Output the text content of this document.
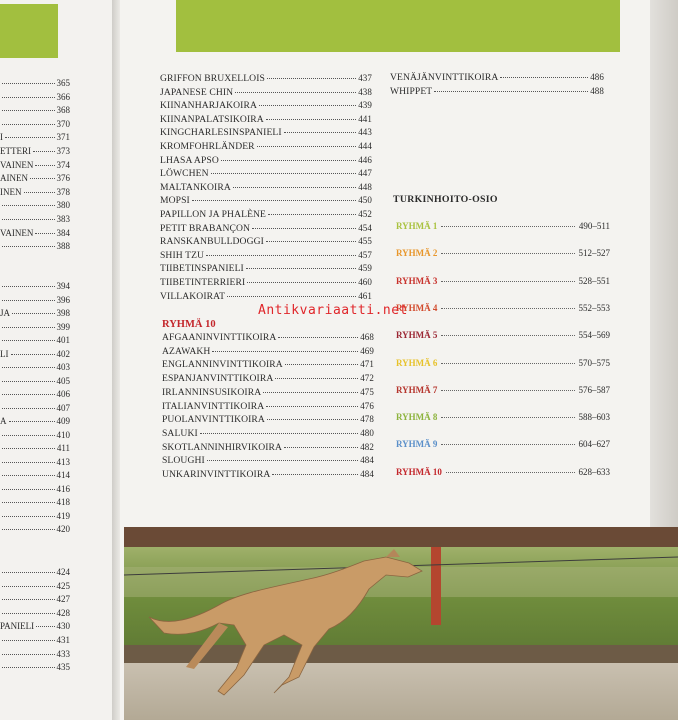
365
366
368
370
I	371
ETTERI	373
VAINEN	374
AINEN	376
INEN	378
380
383
VAINEN	384
388
394
396
JA	398
399
401
LI	402
403
405
406
407
A	409
410
411
413
414
416
418
419
420
424
425
427
428
PANIELI 430
431
433
435
GRIFFON BRUXELLOIS	437
JAPANESE CHIN	438
KIINANHARJAKOIRA	439
KIINANPALATSIKOIRA	441
KINGCHARLESINSPANIELI	443
KROMFOHRLÄNDER	444
LHASA APSO	446
LÖWCHEN	447
MALTANKOIRA	448
MOPSI	450
PAPILLON JA PHALÈNE	452
PETIT BRABANÇON	454
RANSKANBULLDOGGI	455
SHIH TZU	457
TIIBETINSPANIELI	459
TIIBETINTERRIERI	460
VILLAKOIRAT	461
RYHMÄ 10
AFGAANINVINTTIKOIRA	468
AZAWAKH	469
ENGLANNINVINTTIKOIRA	471
ESPANJANVINTTIKOIRA	472
IRLANNINSUSIKOIRA	475
ITALIANVINTTIKOIRA	476
PUOLANVINTTIKOIRA	478
SALUKI	480
SKOTLANNINHIRVIKOIRA	482
SLOUGHI	484
UNKARINVINTTIKOIRA	484
VENÄJÄNVINTTIKOIRA	486
WHIPPET	488
TURKINHOITO-OSIO
RYHMÄ 1	490–511
RYHMÄ 2	512–527
RYHMÄ 3	528–551
RYHMÄ 4	552–553
RYHMÄ 5	554–569
RYHMÄ 6	570–575
RYHMÄ 7	576–587
RYHMÄ 8	588–603
RYHMÄ 9	604–627
RYHMÄ 10	628–633
Antikvariaatti.net
